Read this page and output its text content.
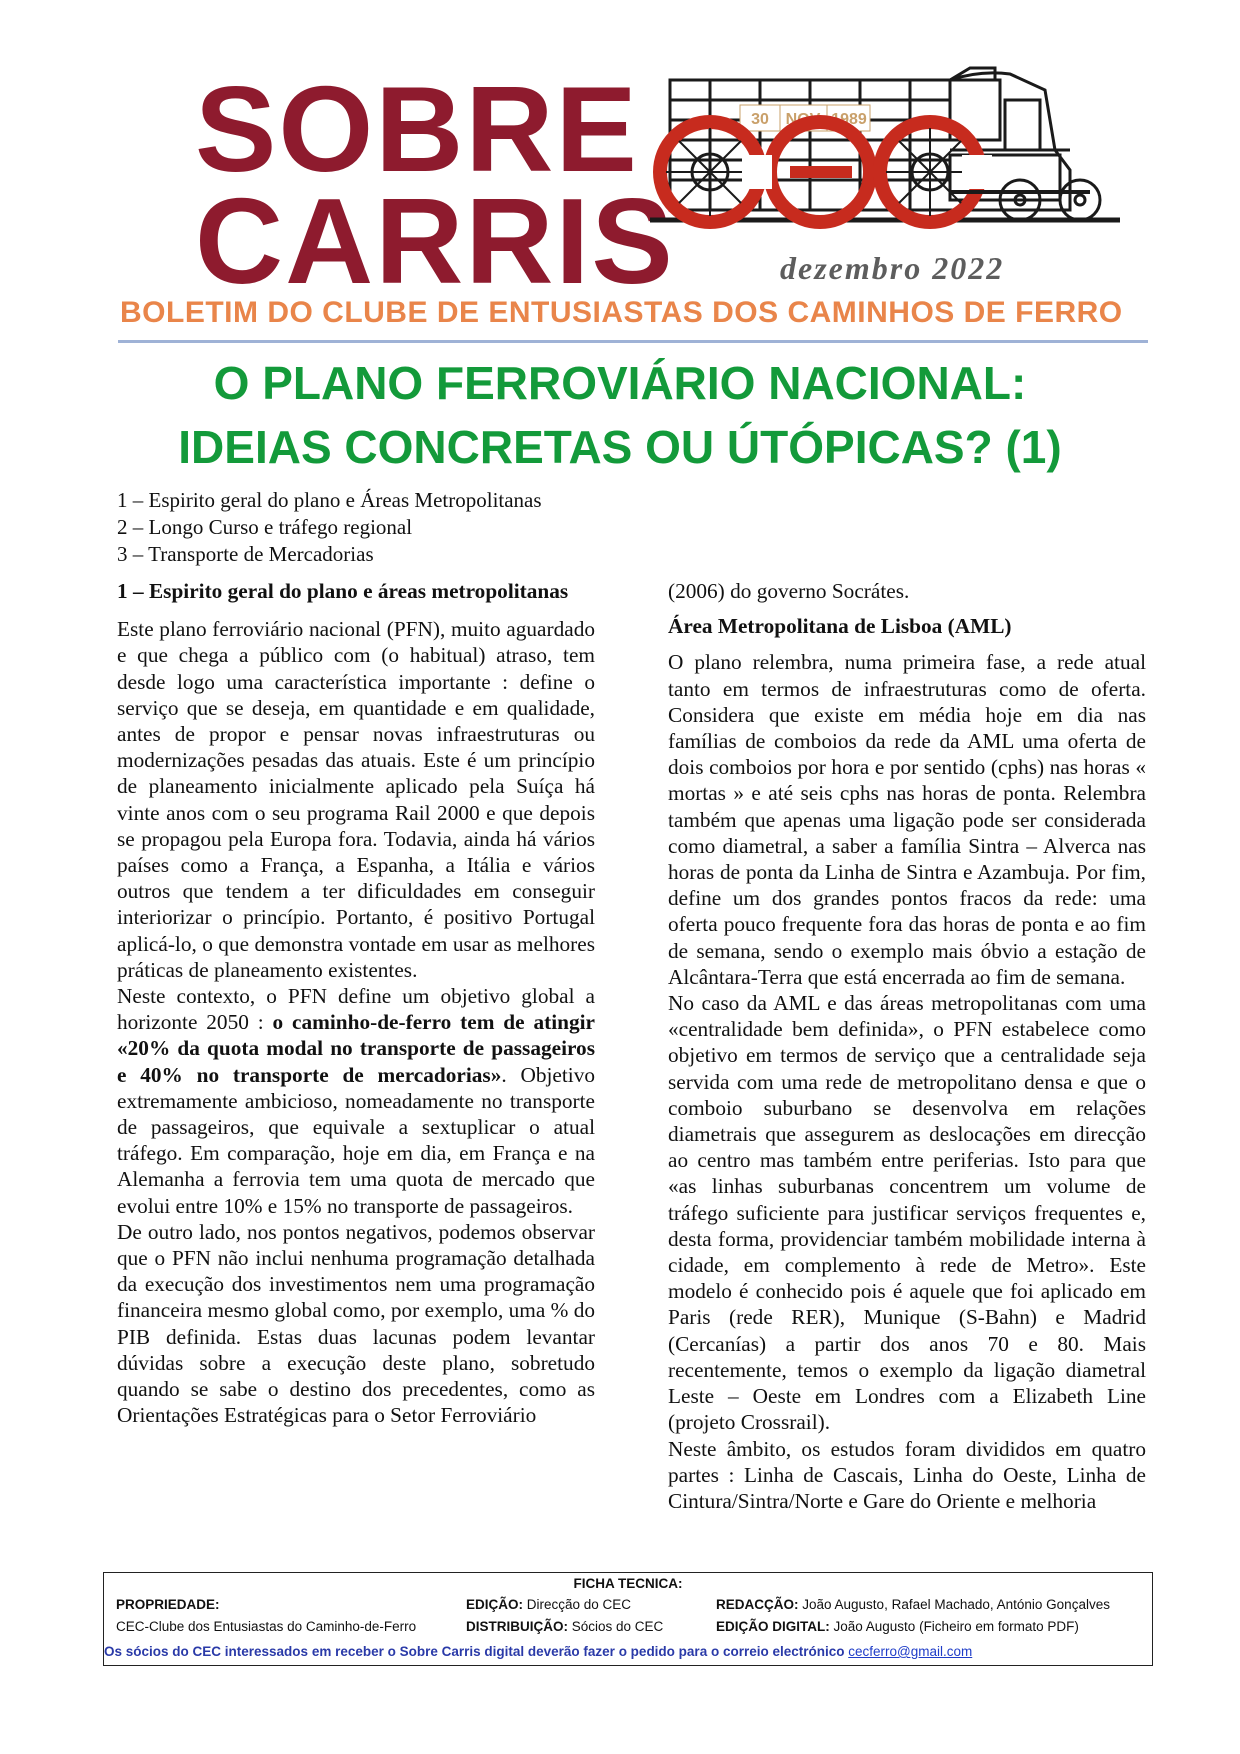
SOBRE
CARRIS
30 NOV 1989
dezembro 2022
BOLETIM DO CLUBE DE ENTUSIASTAS DOS CAMINHOS DE FERRO
O PLANO FERROVIÁRIO NACIONAL:
IDEIAS CONCRETAS OU ÚTÓPICAS? (1)
1 – Espirito geral do plano e Áreas Metropolitanas
2 – Longo Curso e tráfego regional
3 – Transporte de Mercadorias

1 – Espirito geral do plano e áreas metropolitanas

Este plano ferroviário nacional (PFN), muito aguardado e que chega a público com (o habitual) atraso, tem desde logo uma característica importante : define o serviço que se deseja, em quantidade e em qualidade, antes de propor e pensar novas infraestruturas ou modernizações pesadas das atuais. Este é um princípio de planeamento inicialmente aplicado pela Suíça há vinte anos com o seu programa Rail 2000 e que depois se propagou pela Europa fora. Todavia, ainda há vários países como a França, a Espanha, a Itália e vários outros que tendem a ter dificuldades em conseguir interiorizar o princípio. Portanto, é positivo Portugal aplicá-lo, o que demonstra vontade em usar as melhores práticas de planeamento existentes.

Neste contexto, o PFN define um objetivo global a horizonte 2050 : o caminho-de-ferro tem de atingir «20% da quota modal no transporte de passageiros e 40% no transporte de mercadorias». Objetivo extremamente ambicioso, nomeadamente no transporte de passageiros, que equivale a sextuplicar o atual tráfego. Em comparação, hoje em dia, em França e na Alemanha a ferrovia tem uma quota de mercado que evolui entre 10% e 15% no transporte de passageiros.

De outro lado, nos pontos negativos, podemos observar que o PFN não inclui nenhuma programação detalhada da execução dos investimentos nem uma programação financeira mesmo global como, por exemplo, uma % do PIB definida. Estas duas lacunas podem levantar dúvidas sobre a execução deste plano, sobretudo quando se sabe o destino dos precedentes, como as Orientações Estratégicas para o Setor Ferroviário

(2006) do governo Socrátes.

Área Metropolitana de Lisboa (AML)

O plano relembra, numa primeira fase, a rede atual tanto em termos de infraestruturas como de oferta. Considera que existe em média hoje em dia nas famílias de comboios da rede da AML uma oferta de dois comboios por hora e por sentido (cphs) nas horas « mortas » e até seis cphs nas horas de ponta. Relembra também que apenas uma ligação pode ser considerada como diametral, a saber a família Sintra – Alverca nas horas de ponta da Linha de Sintra e Azambuja. Por fim, define um dos grandes pontos fracos da rede: uma oferta pouco frequente fora das horas de ponta e ao fim de semana, sendo o exemplo mais óbvio a estação de Alcântara-Terra que está encerrada ao fim de semana.

No caso da AML e das áreas metropolitanas com uma «centralidade bem definida», o PFN estabelece como objetivo em termos de serviço que a centralidade seja servida com uma rede de metropolitano densa e que o comboio suburbano se desenvolva em relações diametrais que assegurem as deslocações em direcção ao centro mas também entre periferias. Isto para que «as linhas suburbanas concentrem um volume de tráfego suficiente para justificar serviços frequentes e, desta forma, providenciar também mobilidade interna à cidade, em complemento à rede de Metro». Este modelo é conhecido pois é aquele que foi aplicado em Paris (rede RER), Munique (S-Bahn) e Madrid (Cercanías) a partir dos anos 70 e 80. Mais recentemente, temos o exemplo da ligação diametral Leste – Oeste em Londres com a Elizabeth Line (projeto Crossrail).

Neste âmbito, os estudos foram divididos em quatro partes : Linha de Cascais, Linha do Oeste, Linha de Cintura/Sintra/Norte e Gare do Oriente e melhoria

FICHA TECNICA:
PROPRIEDADE:
CEC-Clube dos Entusiastas do Caminho-de-Ferro
EDIÇÃO: Direcção do CEC
DISTRIBUIÇÃO: Sócios do CEC
REDACÇÃO: João Augusto, Rafael Machado, António Gonçalves
EDIÇÃO DIGITAL: João Augusto (Ficheiro em formato PDF)
Os sócios do CEC interessados em receber o Sobre Carris digital deverão fazer o pedido para o correio electrónico cecferro@gmail.com
